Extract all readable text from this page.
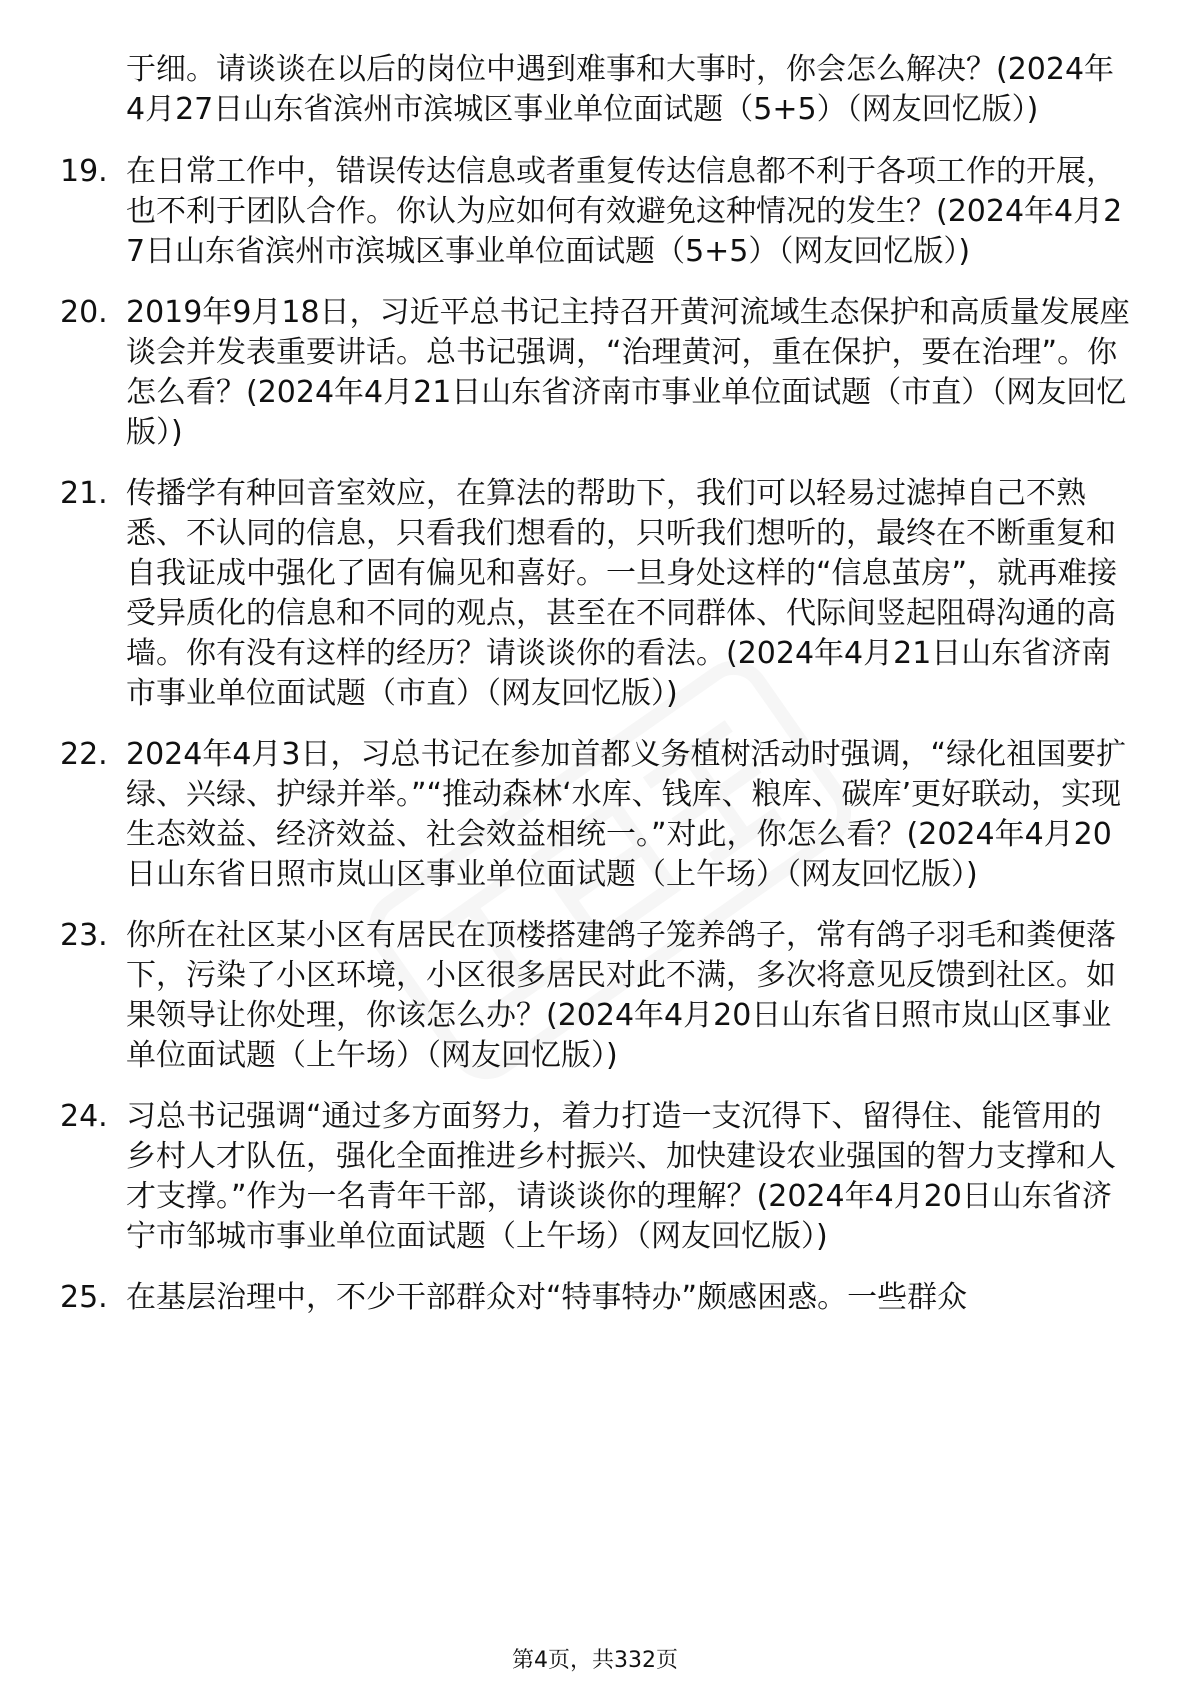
于细。请谈谈在以后的岗位中遇到难事和大事时，你会怎么解决？(2024年4月27日山东省滨州市滨城区事业单位面试题（5+5）（网友回忆版）)

19. 在日常工作中，错误传达信息或者重复传达信息都不利于各项工作的开展，也不利于团队合作。你认为应如何有效避免这种情况的发生？(2024年4月27日山东省滨州市滨城区事业单位面试题（5+5）（网友回忆版）)
20. 2019年9月18日，习近平总书记主持召开黄河流域生态保护和高质量发展座谈会并发表重要讲话。总书记强调，“治理黄河，重在保护，要在治理”。你怎么看？(2024年4月21日山东省济南市事业单位面试题（市直）（网友回忆版）)
21. 传播学有种回音室效应，在算法的帮助下，我们可以轻易过滤掉自己不熟悉、不认同的信息，只看我们想看的，只听我们想听的，最终在不断重复和自我证成中强化了固有偏见和喜好。一旦身处这样的“信息茧房”，就再难接受异质化的信息和不同的观点，甚至在不同群体、代际间竖起阻碍沟通的高墙。你有没有这样的经历？请谈谈你的看法。(2024年4月21日山东省济南市事业单位面试题（市直）（网友回忆版）)
22. 2024年4月3日，习总书记在参加首都义务植树活动时强调，“绿化祖国要扩绿、兴绿、护绿并举。”“推动森林‘水库、钱库、粮库、碳库’更好联动，实现生态效益、经济效益、社会效益相统一。”对此，你怎么看？(2024年4月20日山东省日照市岚山区事业单位面试题（上午场）（网友回忆版）)
23. 你所在社区某小区有居民在顶楼搭建鸽子笼养鸽子，常有鸽子羽毛和粪便落下，污染了小区环境，小区很多居民对此不满，多次将意见反馈到社区。如果领导让你处理，你该怎么办？(2024年4月20日山东省日照市岚山区事业单位面试题（上午场）（网友回忆版）)
24. 习总书记强调“通过多方面努力，着力打造一支沉得下、留得住、能管用的乡村人才队伍，强化全面推进乡村振兴、加快建设农业强国的智力支撑和人才支撑。”作为一名青年干部，请谈谈你的理解？(2024年4月20日山东省济宁市邹城市事业单位面试题（上午场）（网友回忆版）)
25. 在基层治理中，不少干部群众对“特事特办”颇感困惑。一些群众
第4页，共332页
